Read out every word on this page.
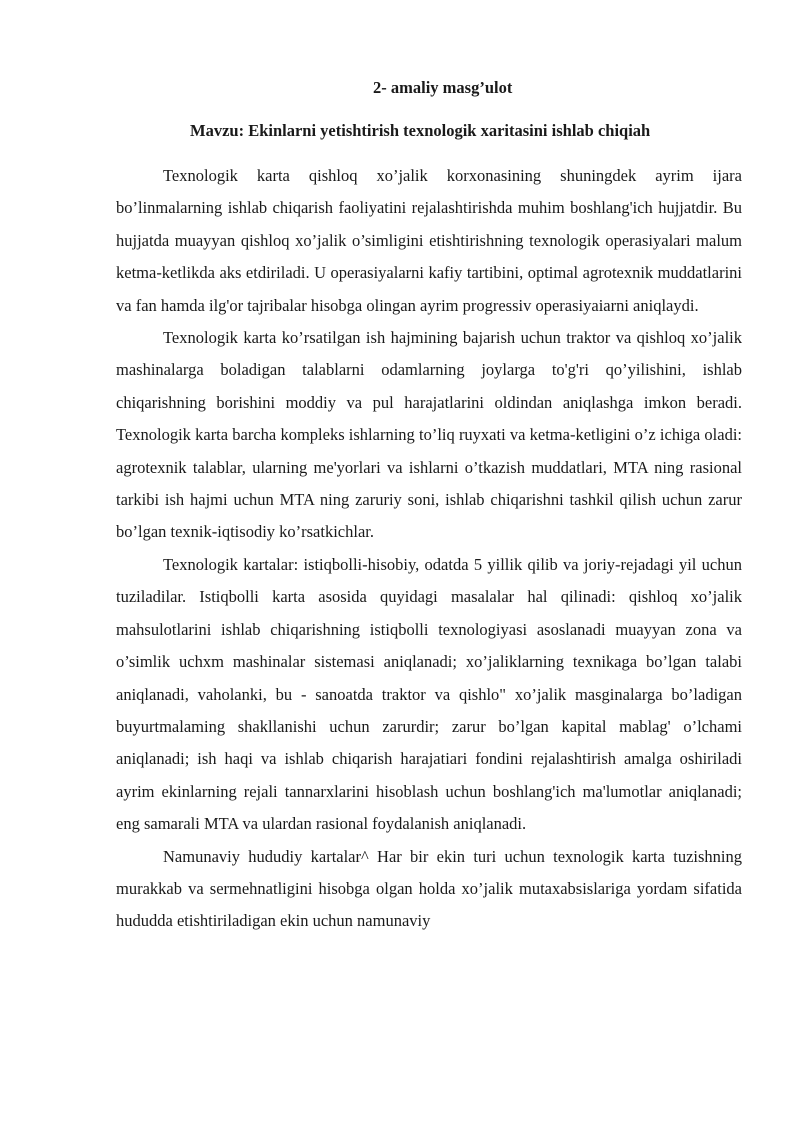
2- amaliy masg’ulot
Mavzu: Ekinlarni yetishtirish texnologik xaritasini ishlab chiqiah

Texnologik karta qishloq xo’jalik korxonasining shuningdek ayrim ijara bo’linmalarning ishlab chiqarish faoliyatini rejalashtirishda muhim boshlang'ich hujjatdir. Bu hujjatda muayyan qishloq xo’jalik o’simligini etishtirishning texnologik operasiyalari malum ketma-ketlikda aks etdiriladi. U operasiyalarni kafiy tartibini, optimal agrotexnik muddatlarini va fan hamda ilg'or tajribalar hisobga olingan ayrim progressiv operasiyaiarni aniqlaydi.

Texnologik karta ko’rsatilgan ish hajmining bajarish uchun traktor va qishloq xo’jalik mashinalarga boladigan talablarni odamlarning joylarga to'g'ri qo’yilishini, ishlab chiqarishning borishini moddiy va pul harajatlarini oldindan aniqlashga imkon beradi. Texnologik karta barcha kompleks ishlarning to’liq ruyxati va ketma-ketligini o’z ichiga oladi: agrotexnik talablar, ularning me'yorlari va ishlarni o’tkazish muddatlari, MTA ning rasional tarkibi ish hajmi uchun MTA ning zaruriy soni, ishlab chiqarishni tashkil qilish uchun zarur bo’lgan texnik-iqtisodiy ko’rsatkichlar.

Texnologik kartalar: istiqbolli-hisobiy, odatda 5 yillik qilib va joriy-rejadagi yil uchun tuziladilar. Istiqbolli karta asosida quyidagi masalalar hal qilinadi: qishloq xo’jalik mahsulotlarini ishlab chiqarishning istiqbolli texnologiyasi asoslanadi muayyan zona va o’simlik uchxm mashinalar sistemasi aniqlanadi; xo’jaliklarning texnikaga bo’lgan talabi aniqlanadi, vaholanki, bu - sanoatda traktor va qishlo" xo’jalik masginalarga bo’ladigan buyurtmalaming shakllanishi uchun zarurdir; zarur bo’lgan kapital mablag' o’lchami aniqlanadi; ish haqi va ishlab chiqarish harajatiari fondini rejalashtirish amalga oshiriladi ayrim ekinlarning rejali tannarxlarini hisoblash uchun boshlang'ich ma'lumotlar aniqlanadi; eng samarali MTA va ulardan rasional foydalanish aniqlanadi.

Namunaviy hududiy kartalar^ Har bir ekin turi uchun texnologik karta tuzishning murakkab va sermehnatligini hisobga olgan holda xo’jalik mutaxabsislariga yordam sifatida hududda etishtiriladigan ekin uchun namunaviy
